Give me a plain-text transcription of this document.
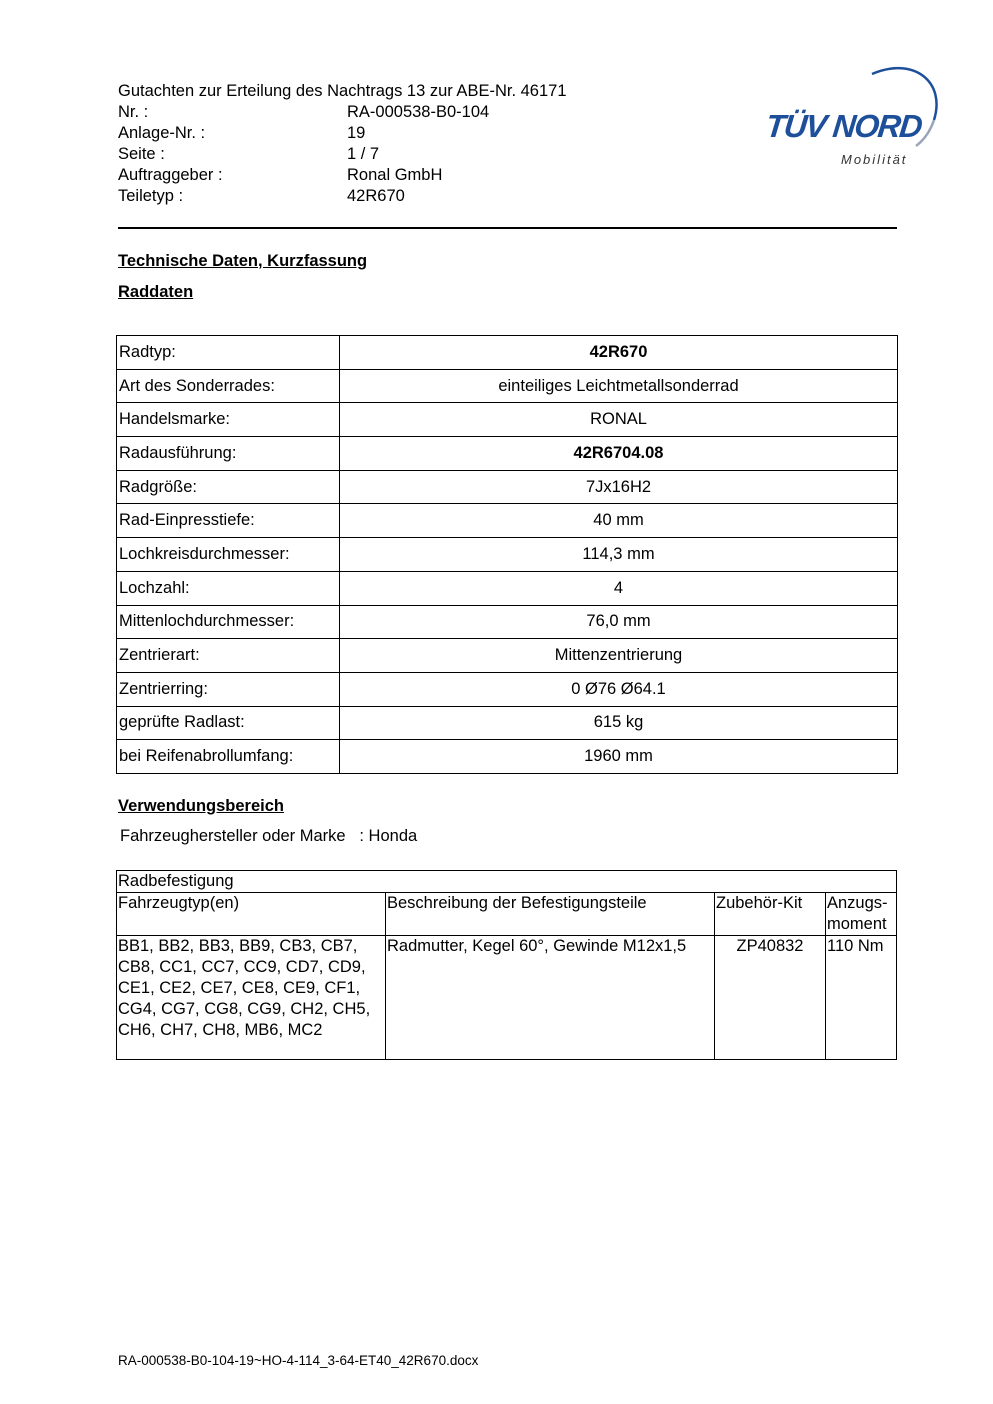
Gutachten zur Erteilung des Nachtrags 13 zur ABE-Nr. 46171
Nr. :	RA-000538-B0-104
Anlage-Nr. :	19
Seite :	1 / 7
Auftraggeber :	Ronal GmbH
Teiletyp :	42R670
TÜV NORD
Mobilität
Technische Daten, Kurzfassung
Raddaten
Radtyp:	42R670
Art des Sonderrades:	einteiliges Leichtmetallsonderrad
Handelsmarke:	RONAL
Radausführung:	42R6704.08
Radgröße:	7Jx16H2
Rad-Einpresstiefe:	40 mm
Lochkreisdurchmesser:	114,3 mm
Lochzahl:	4
Mittenlochdurchmesser:	76,0 mm
Zentrierart:	Mittenzentrierung
Zentrierring:	0 Ø76 Ø64.1
geprüfte Radlast:	615 kg
bei Reifenabrollumfang:	1960 mm
Verwendungsbereich
Fahrzeughersteller oder Marke   : Honda
Radbefestigung			
Fahrzeugtyp(en)	Beschreibung der Befestigungsteile	Zubehör-Kit	Anzugs-moment
BB1, BB2, BB3, BB9, CB3, CB7, CB8, CC1, CC7, CC9, CD7, CD9, CE1, CE2, CE7, CE8, CE9, CF1, CG4, CG7, CG8, CG9, CH2, CH5, CH6, CH7, CH8, MB6, MC2	Radmutter, Kegel 60°, Gewinde M12x1,5	ZP40832	110 Nm
RA-000538-B0-104-19~HO-4-114_3-64-ET40_42R670.docx
